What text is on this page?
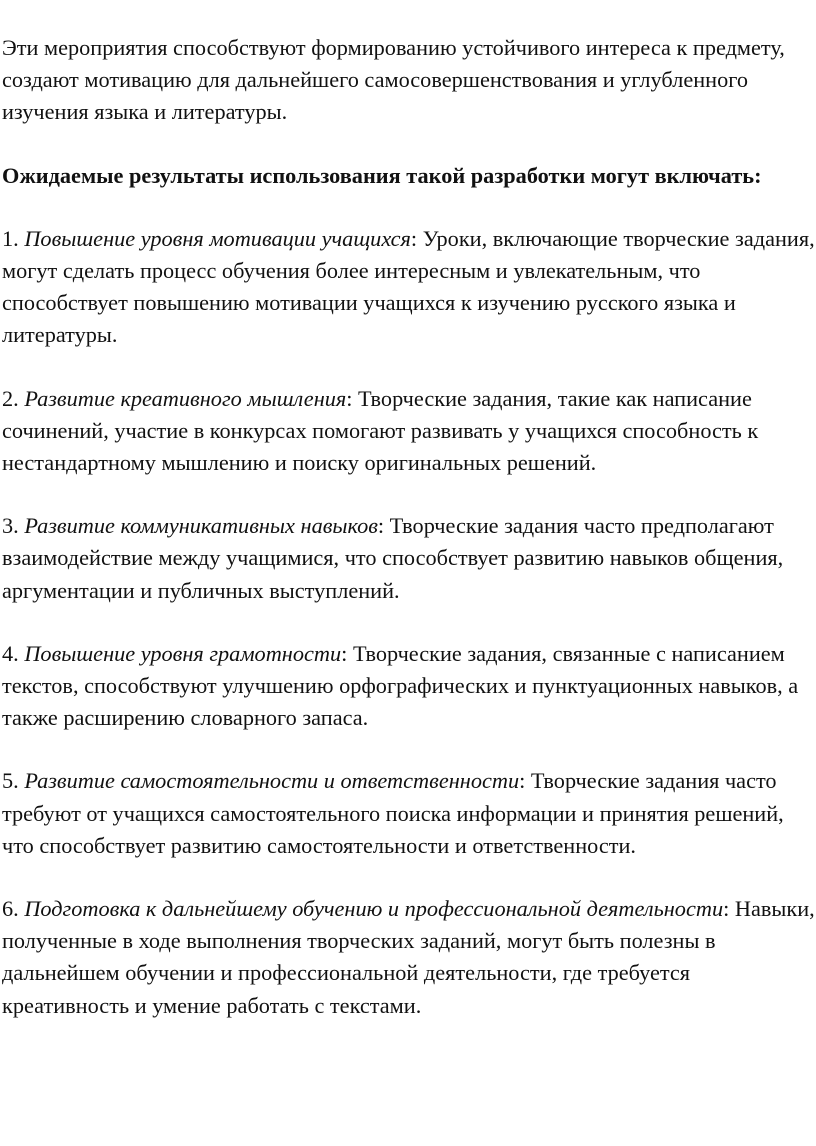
Эти мероприятия способствуют формированию устойчивого интереса к предмету, создают мотивацию для дальнейшего самосовершенствования и углубленного изучения языка и литературы.

Ожидаемые результаты использования такой разработки могут включать:

1. Повышение уровня мотивации учащихся: Уроки, включающие творческие задания, могут сделать процесс обучения более интересным и увлекательным, что способствует повышению мотивации учащихся к изучению русского языка и литературы.

2. Развитие креативного мышления: Творческие задания, такие как написание сочинений, участие в конкурсах помогают развивать у учащихся способность к нестандартному мышлению и поиску оригинальных решений.

3. Развитие коммуникативных навыков: Творческие задания часто предполагают взаимодействие между учащимися, что способствует развитию навыков общения, аргументации и публичных выступлений.

4. Повышение уровня грамотности: Творческие задания, связанные с написанием текстов, способствуют улучшению орфографических и пунктуационных навыков, а также расширению словарного запаса.

5. Развитие самостоятельности и ответственности: Творческие задания часто требуют от учащихся самостоятельного поиска информации и принятия решений, что способствует развитию самостоятельности и ответственности.

6. Подготовка к дальнейшему обучению и профессиональной деятельности: Навыки, полученные в ходе выполнения творческих заданий, могут быть полезны в дальнейшем обучении и профессиональной деятельности, где требуется креативность и умение работать с текстами.
